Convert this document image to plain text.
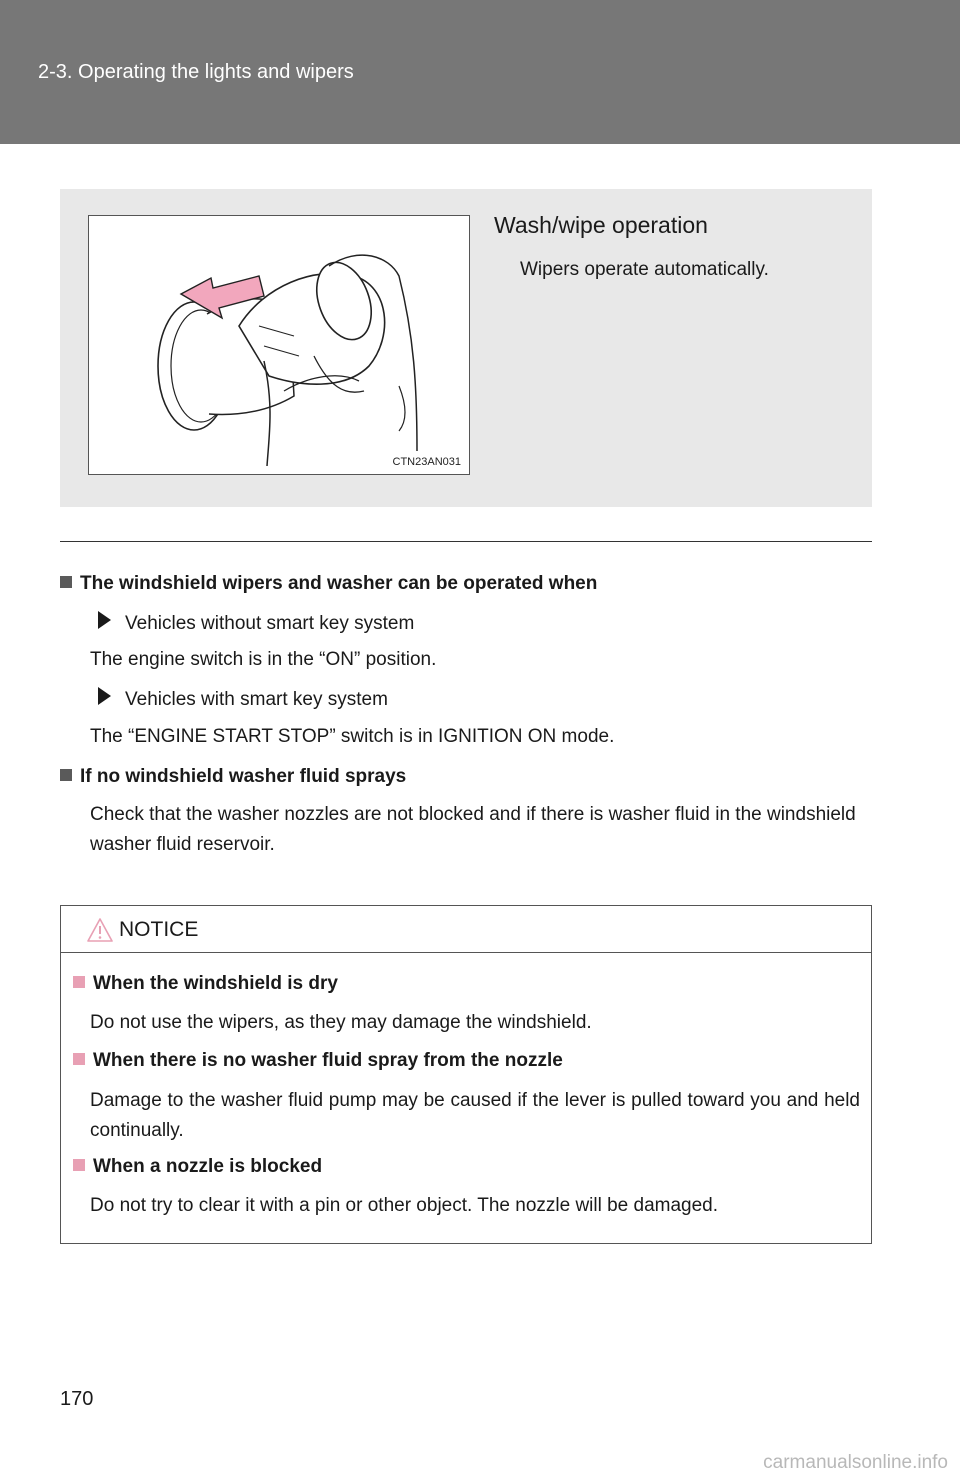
2-3. Operating the lights and wipers
CTN23AN031
Wash/wipe operation
Wipers operate automatically.
The windshield wipers and washer can be operated when
Vehicles without smart key system
The engine switch is in the “ON” position.
Vehicles with smart key system
The “ENGINE START STOP” switch is in IGNITION ON mode.
If no windshield washer fluid sprays
Check that the washer nozzles are not blocked and if there is washer fluid in the windshield washer fluid reservoir.
NOTICE
When the windshield is dry
Do not use the wipers, as they may damage the windshield.
When there is no washer fluid spray from the nozzle
Damage to the washer fluid pump may be caused if the lever is pulled toward you and held continually.
When a nozzle is blocked
Do not try to clear it with a pin or other object. The nozzle will be damaged.
170
carmanualsonline.info
